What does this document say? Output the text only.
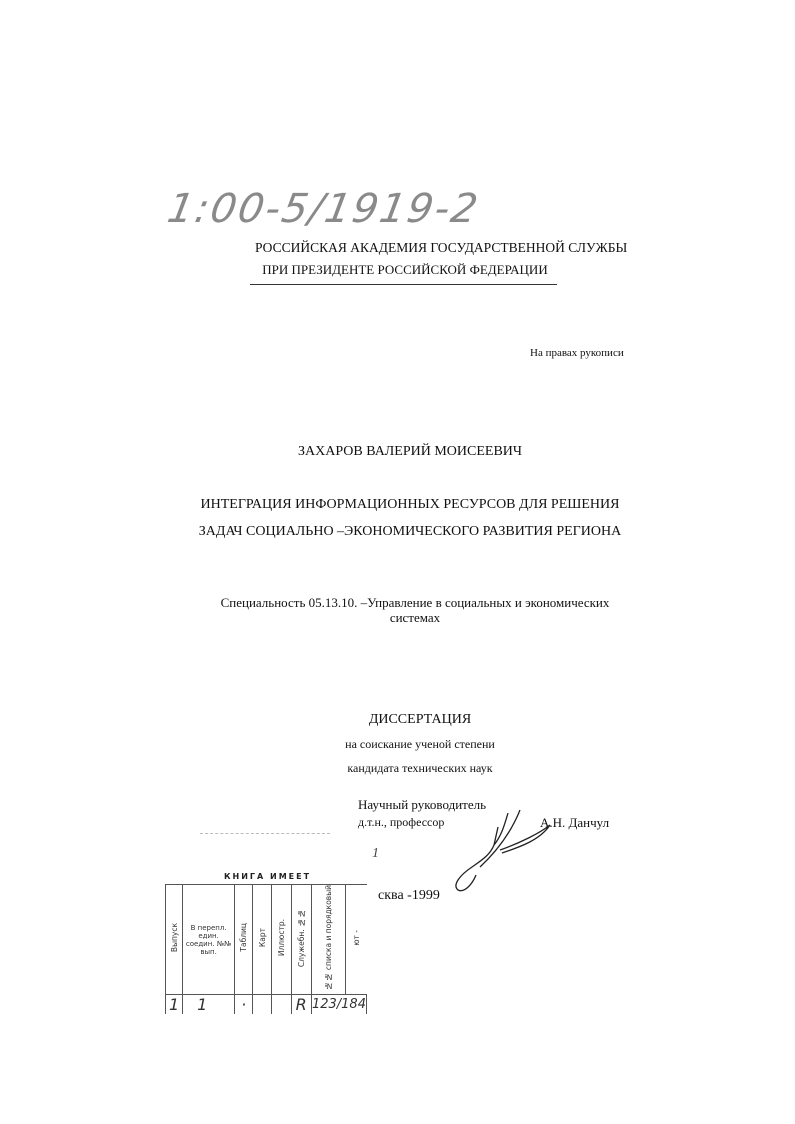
1:00-5/1919-2
РОССИЙСКАЯ АКАДЕМИЯ ГОСУДАРСТВЕННОЙ СЛУЖБЫ
ПРИ ПРЕЗИДЕНТЕ РОССИЙСКОЙ ФЕДЕРАЦИИ
На правах рукописи
ЗАХАРОВ ВАЛЕРИЙ МОИСЕЕВИЧ
ИНТЕГРАЦИЯ ИНФОРМАЦИОННЫХ РЕСУРСОВ ДЛЯ РЕШЕНИЯ
ЗАДАЧ СОЦИАЛЬНО –ЭКОНОМИЧЕСКОГО РАЗВИТИЯ РЕГИОНА
Специальность 05.13.10. –Управление в социальных и экономических
системах
ДИССЕРТАЦИЯ
на соискание ученой степени
кандидата технических наук
Научный руководитель
д.т.н., профессор	А.Н. Данчул
1
сква -1999
КНИГА ИМЕЕТ
Выпуск	В перепл. един. соедин. №№ вып.	Таблиц	Карт	Иллюстр.	Служебн. №№	№№ списка и порядковый	ют -
1	1	·			R	123/184	
